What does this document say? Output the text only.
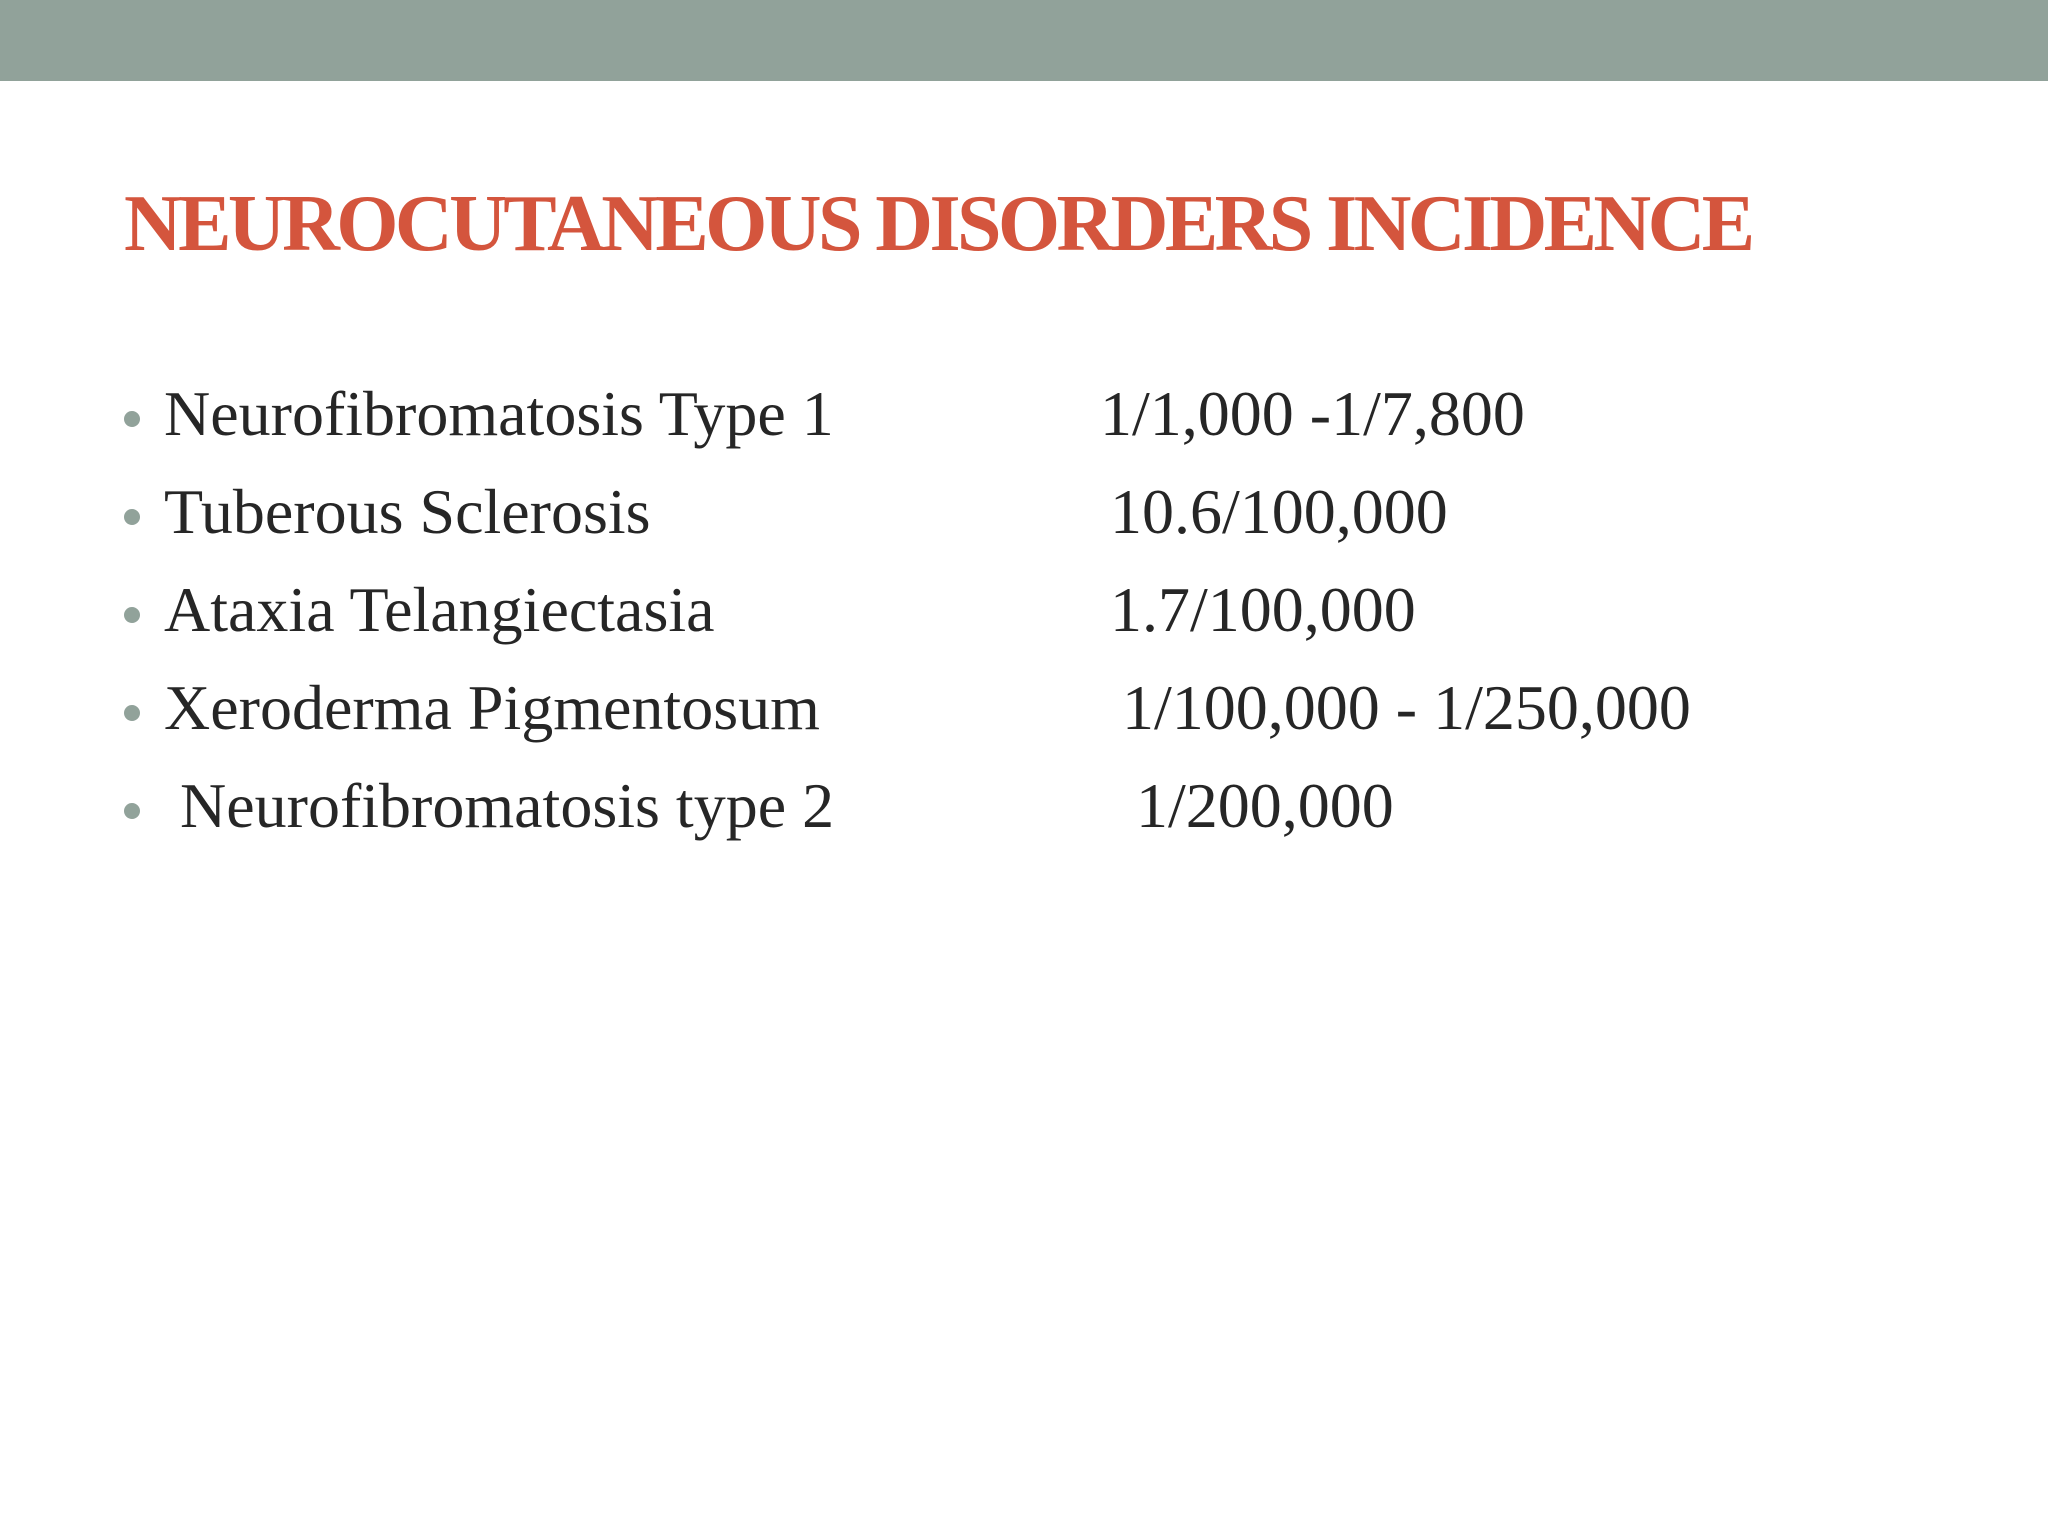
NEUROCUTANEOUS DISORDERS INCIDENCE
Neurofibromatosis Type 1	1/1,000 -1/7,800
Tuberous Sclerosis	10.6/100,000
Ataxia Telangiectasia	1.7/100,000
Xeroderma Pigmentosum	1/100,000 - 1/250,000
Neurofibromatosis type 2	1/200,000
